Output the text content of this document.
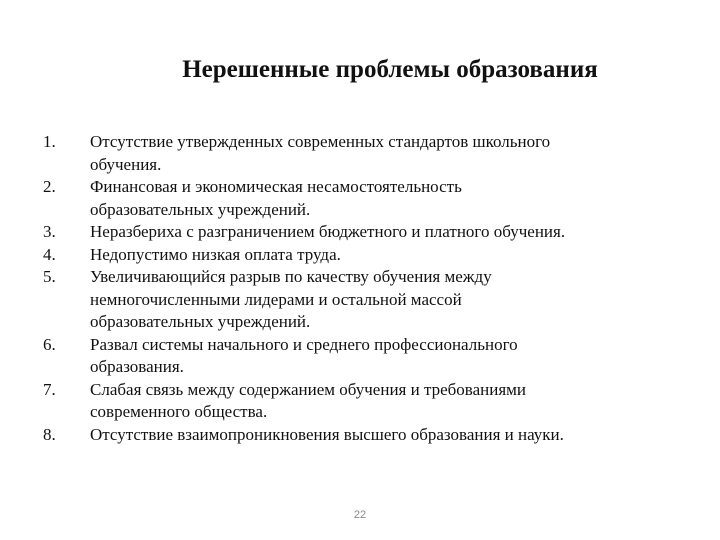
Нерешенные проблемы образования
1. Отсутствие утвержденных современных стандартов школьного
обучения.
2. Финансовая и экономическая несамостоятельность
образовательных учреждений.
3. Неразбериха с разграничением бюджетного и платного обучения.
4. Недопустимо низкая оплата труда.
5. Увеличивающийся разрыв по качеству обучения между
немногочисленными лидерами и остальной массой
образовательных учреждений.
6. Развал системы начального и среднего профессионального
образования.
7. Слабая связь между содержанием обучения и требованиями
современного общества.
8. Отсутствие взаимопроникновения высшего образования и науки.
22
